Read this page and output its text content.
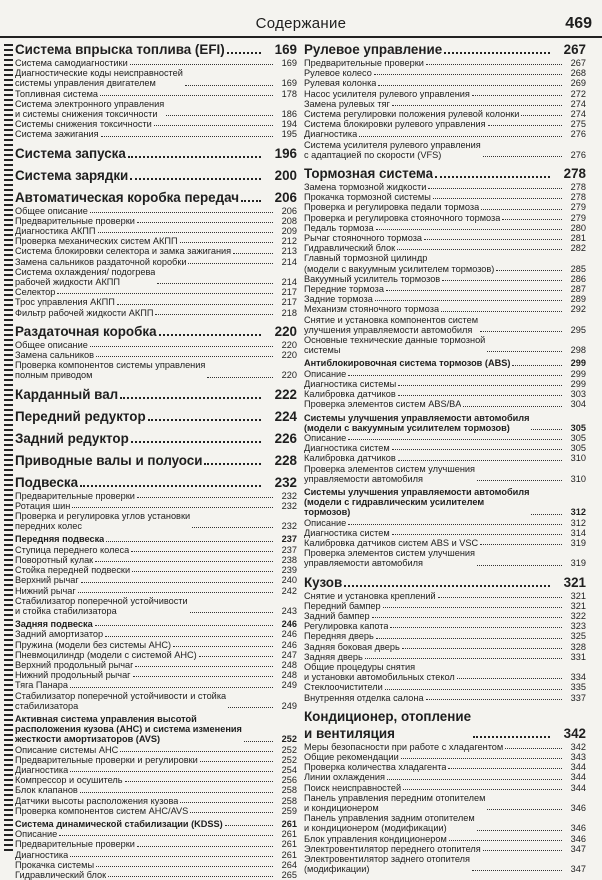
Содержание	469
Система впрыска топлива (EFI)	169
Система самодиагностики	169
Диагностические коды неисправностей
системы управления двигателем	169
Топливная система	178
Система электронного управления
и системы снижения токсичности	186
Системы снижения токсичности	194
Система зажигания	195
Система запуска	196
Система зарядки	200
Автоматическая коробка передач	206
Общее описание	206
Предварительные проверки	208
Диагностика АКПП	209
Проверка механических систем АКПП	212
Система блокировки селектора и замка зажигания	213
Замена сальников раздаточной коробки	214
Система охлаждения/ подогрева
рабочей жидкости АКПП	214
Селектор	217
Трос управления АКПП	217
Фильтр рабочей жидкости АКПП	218
Раздаточная коробка	220
Общее описание	220
Замена сальников	220
Проверка компонентов системы управления
полным приводом	220
Карданный вал	222
Передний редуктор	224
Задний редуктор	226
Приводные валы и полуоси	228
Подвеска	232
Предварительные проверки	232
Ротация шин	232
Проверка и регулировка углов установки
передних колес	232
Передняя подвеска	237
Ступица переднего колеса	237
Поворотный кулак	238
Стойка передней подвески	239
Верхний рычаг	240
Нижний рычаг	242
Стабилизатор поперечной устойчивости
и стойка стабилизатора	243
Задняя подвеска	246
Задний амортизатор	246
Пружина (модели без системы AHC)	246
Пневмоцилиндр (модели с системой AHC)	247
Верхний продольный рычаг	248
Нижний продольный рычаг	248
Тяга Панара	249
Стабилизатор поперечной устойчивости и стойка
стабилизатора	249
Активная система управления высотой
расположения кузова (AHC) и система изменения
жесткости амортизаторов (AVS)	252
Описание системы AHC	252
Предварительные проверки и регулировки	252
Диагностика	254
Компрессор и осушитель	256
Блок клапанов	258
Датчики высоты расположения кузова	258
Проверка компонентов систем AHC/AVS	259
Система динамической стабилизации (KDSS)	261
Описание	261
Предварительные проверки	261
Диагностика	261
Прокачка системы	264
Гидравлический блок	265
Рулевое управление	267
Предварительные проверки	267
Рулевое колесо	268
Рулевая колонка	269
Насос усилителя рулевого управления	272
Замена рулевых тяг	274
Система регулировки положения рулевой колонки	274
Система блокировки рулевого управления	275
Диагностика	276
Система усилителя рулевого управления
с адаптацией по скорости (VFS)	276
Тормозная система	278
Замена тормозной жидкости	278
Прокачка тормозной системы	278
Проверка и регулировка педали тормоза	279
Проверка и регулировка стояночного тормоза	279
Педаль тормоза	280
Рычаг стояночного тормоза	281
Гидравлический блок	282
Главный тормозной цилиндр
(модели с вакуумным усилителем тормозов)	285
Вакуумный усилитель тормозов	286
Передние тормоза	287
Задние тормоза	289
Механизм стояночного тормоза	292
Снятие и установка компонентов систем
улучшения управляемости автомобиля	295
Основные технические данные тормозной
системы	298
Антиблокировочная система тормозов (ABS)	299
Описание	299
Диагностика системы	299
Калибровка датчиков	303
Проверка элементов систем ABS/BA	304
Системы улучшения управляемости автомобиля
(модели с вакуумным усилителем тормозов)	305
Описание	305
Диагностика систем	305
Калибровка датчиков	310
Проверка элементов систем улучшения
управляемости автомобиля	310
Системы улучшения управляемости автомобиля
(модели с гидравлическим усилителем
тормозов)	312
Описание	312
Диагностика систем	314
Калибровка датчиков систем ABS и VSC	319
Проверка элементов систем улучшения
управляемости автомобиля	319
Кузов	321
Снятие и установка креплений	321
Передний бампер	321
Задний бампер	322
Регулировка капота	323
Передняя дверь	325
Задняя боковая дверь	328
Задняя дверь	331
Общие процедуры снятия
и установки автомобильных стекол	334
Стеклоочистители	335
Внутренняя отделка салона	337
Кондиционер, отопление
и вентиляция	342
Меры безопасности при работе с хладагентом	342
Общие рекомендации	343
Проверка количества хладагента	344
Линии охлаждения	344
Поиск неисправностей	344
Панель управления передним отопителем
и кондиционером	346
Панель управления задним отопителем
и кондиционером (модификации)	346
Блок управления кондиционером	346
Электровентилятор переднего отопителя	347
Электровентилятор заднего отопителя
(модификации)	347
